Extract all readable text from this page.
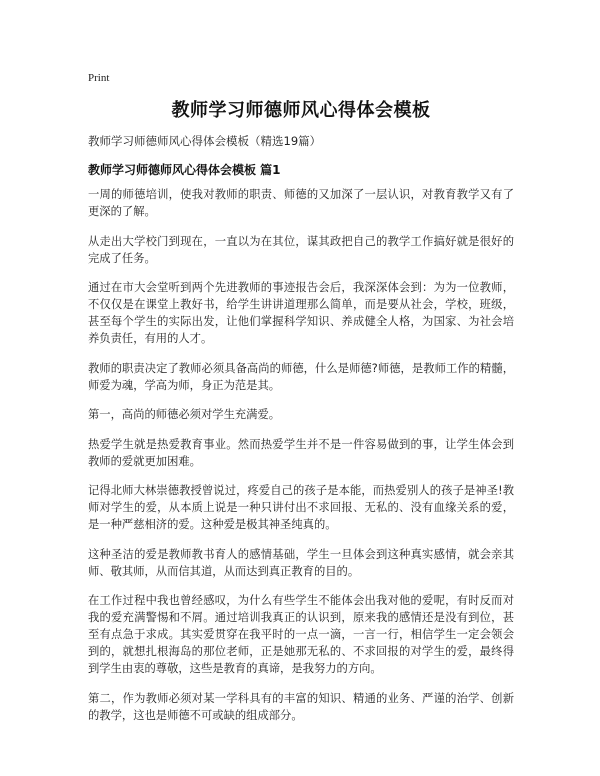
Print
教师学习师德师风心得体会模板
教师学习师德师风心得体会模板（精选19篇）
教师学习师德师风心得体会模板 篇1

一周的师德培训，使我对教师的职责、师德的又加深了一层认识，对教育教学又有了更深的了解。

从走出大学校门到现在，一直以为在其位，谋其政把自己的教学工作搞好就是很好的完成了任务。

通过在市大会堂听到两个先进教师的事迹报告会后，我深深体会到：为为一位教师，不仅仅是在课堂上教好书，给学生讲讲道理那么简单，而是要从社会，学校，班级，甚至每个学生的实际出发，让他们掌握科学知识、养成健全人格，为国家、为社会培养负责任，有用的人才。

教师的职责决定了教师必须具备高尚的师德，什么是师德?师德，是教师工作的精髓，师爱为魂，学高为师，身正为范是其。

第一，高尚的师德必须对学生充满爱。

热爱学生就是热爱教育事业。然而热爱学生并不是一件容易做到的事，让学生体会到教师的爱就更加困难。

记得北师大林崇德教授曾说过，疼爱自己的孩子是本能，而热爱别人的孩子是神圣!教师对学生的爱，从本质上说是一种只讲付出不求回报、无私的、没有血缘关系的爱，是一种严慈相济的爱。这种爱是极其神圣纯真的。

这种圣洁的爱是教师教书育人的感情基础，学生一旦体会到这种真实感情，就会亲其师、敬其师，从而信其道，从而达到真正教育的目的。

在工作过程中我也曾经感叹，为什么有些学生不能体会出我对他的爱呢，有时反而对我的爱充满警惕和不屑。通过培训我真正的认识到，原来我的感情还是没有到位，甚至有点急于求成。其实爱贯穿在我平时的一点一滴，一言一行，相信学生一定会领会到的，就想扎根海岛的那位老师，正是她那无私的、不求回报的对学生的爱，最终得到学生由衷的尊敬，这些是教育的真谛，是我努力的方向。

第二，作为教师必须对某一学科具有的丰富的知识、精通的业务、严谨的治学、创新的教学，这也是师德不可或缺的组成部分。
